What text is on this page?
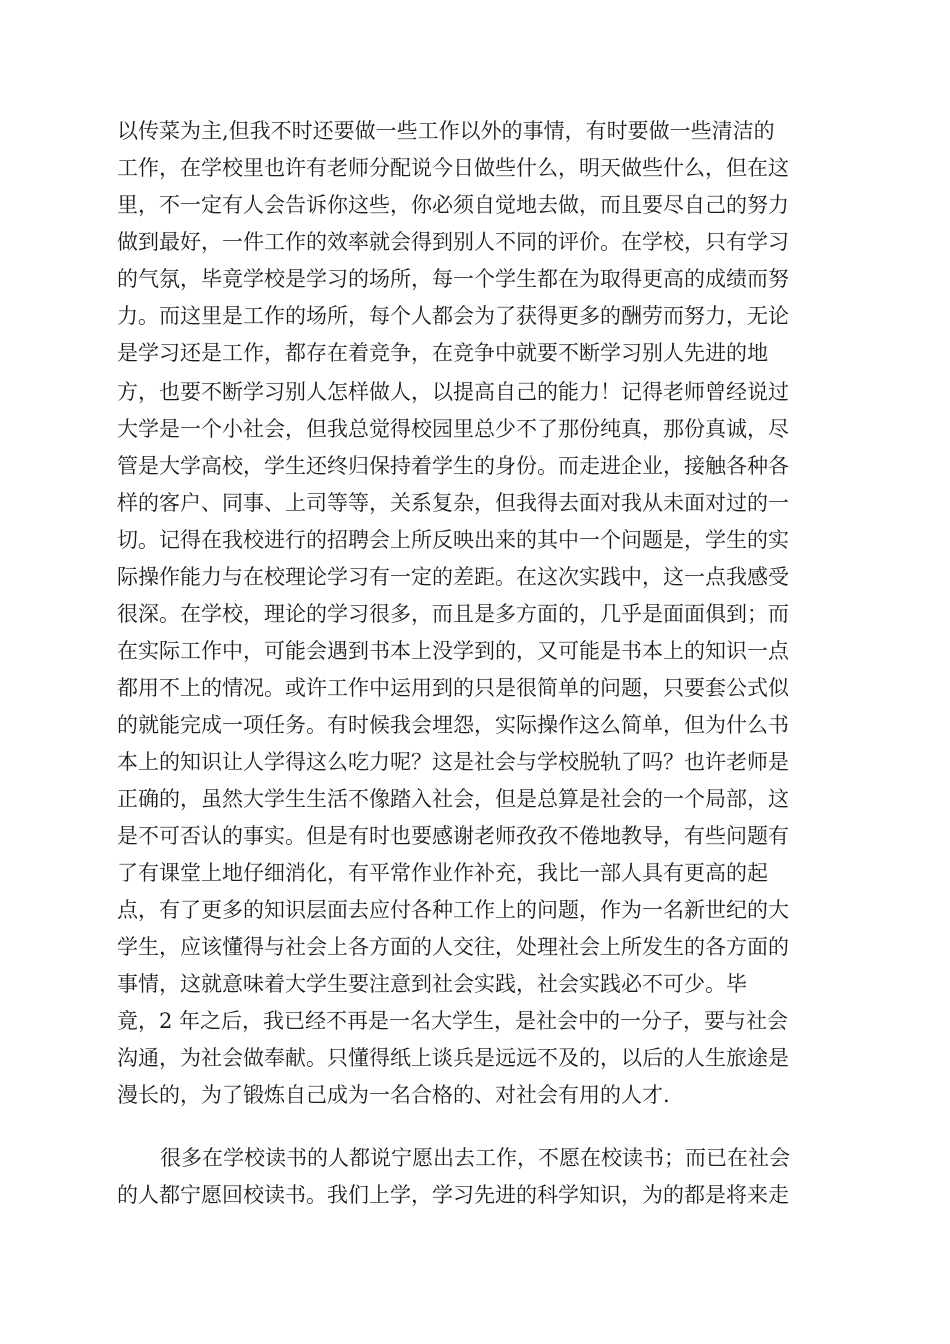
以传菜为主,但我不时还要做一些工作以外的事情，有时要做一些清洁的
工作，在学校里也许有老师分配说今日做些什么，明天做些什么，但在这
里，不一定有人会告诉你这些，你必须自觉地去做，而且要尽自己的努力
做到最好，一件工作的效率就会得到别人不同的评价。在学校，只有学习
的气氛，毕竟学校是学习的场所，每一个学生都在为取得更高的成绩而努
力。而这里是工作的场所，每个人都会为了获得更多的酬劳而努力，无论
是学习还是工作，都存在着竞争，在竞争中就要不断学习别人先进的地
方，也要不断学习别人怎样做人，以提高自己的能力！记得老师曾经说过
大学是一个小社会，但我总觉得校园里总少不了那份纯真，那份真诚，尽
管是大学高校，学生还终归保持着学生的身份。而走进企业，接触各种各
样的客户、同事、上司等等，关系复杂，但我得去面对我从未面对过的一
切。记得在我校进行的招聘会上所反映出来的其中一个问题是，学生的实
际操作能力与在校理论学习有一定的差距。在这次实践中，这一点我感受
很深。在学校，理论的学习很多，而且是多方面的，几乎是面面俱到；而
在实际工作中，可能会遇到书本上没学到的，又可能是书本上的知识一点
都用不上的情况。或许工作中运用到的只是很简单的问题，只要套公式似
的就能完成一项任务。有时候我会埋怨，实际操作这么简单，但为什么书
本上的知识让人学得这么吃力呢？这是社会与学校脱轨了吗？也许老师是
正确的，虽然大学生生活不像踏入社会，但是总算是社会的一个局部，这
是不可否认的事实。但是有时也要感谢老师孜孜不倦地教导，有些问题有
了有课堂上地仔细消化，有平常作业作补充，我比一部人具有更高的起
点，有了更多的知识层面去应付各种工作上的问题，作为一名新世纪的大
学生，应该懂得与社会上各方面的人交往，处理社会上所发生的各方面的
事情，这就意味着大学生要注意到社会实践，社会实践必不可少。毕
竟，2 年之后，我已经不再是一名大学生，是社会中的一分子，要与社会
沟通，为社会做奉献。只懂得纸上谈兵是远远不及的，以后的人生旅途是
漫长的，为了锻炼自己成为一名合格的、对社会有用的人才.
很多在学校读书的人都说宁愿出去工作，不愿在校读书；而已在社会
的人都宁愿回校读书。我们上学，学习先进的科学知识，为的都是将来走
